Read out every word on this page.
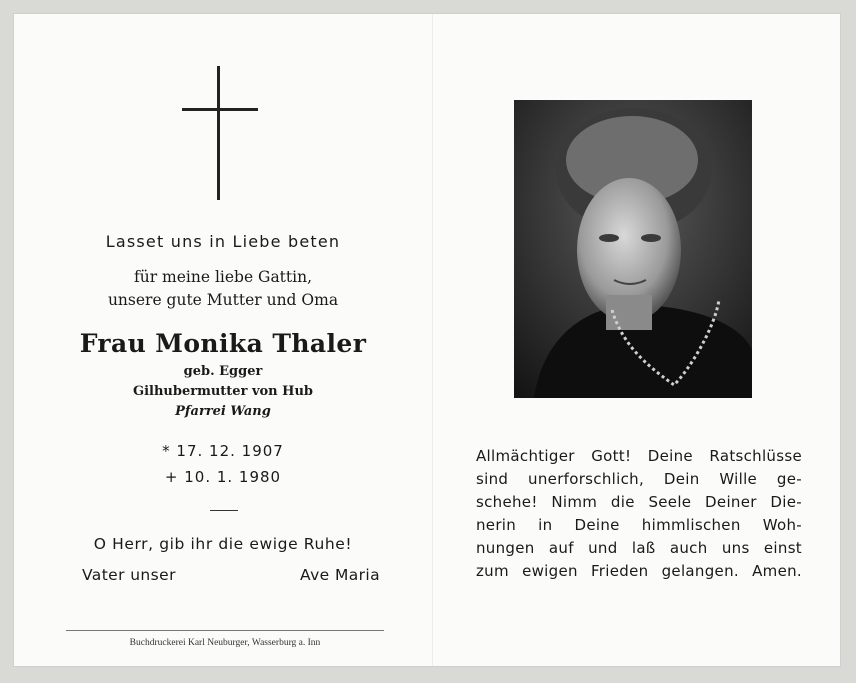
Lasset uns in Liebe beten
für meine liebe Gattin,
unsere gute Mutter und Oma
Frau Monika Thaler
geb. Egger
Gilhubermutter von Hub
Pfarrei Wang
* 17. 12. 1907
+ 10. 1. 1980
O Herr, gib ihr die ewige Ruhe!
Vater unser	Ave Maria
Buchdruckerei Karl Neuburger, Wasserburg a. Inn
Allmächtiger Gott! Deine Ratschlüsse
sind unerforschlich, Dein Wille ge-
schehe! Nimm die Seele Deiner Die-
nerin in Deine himmlischen Woh-
nungen auf und laß auch uns einst
zum ewigen Frieden gelangen. Amen.
